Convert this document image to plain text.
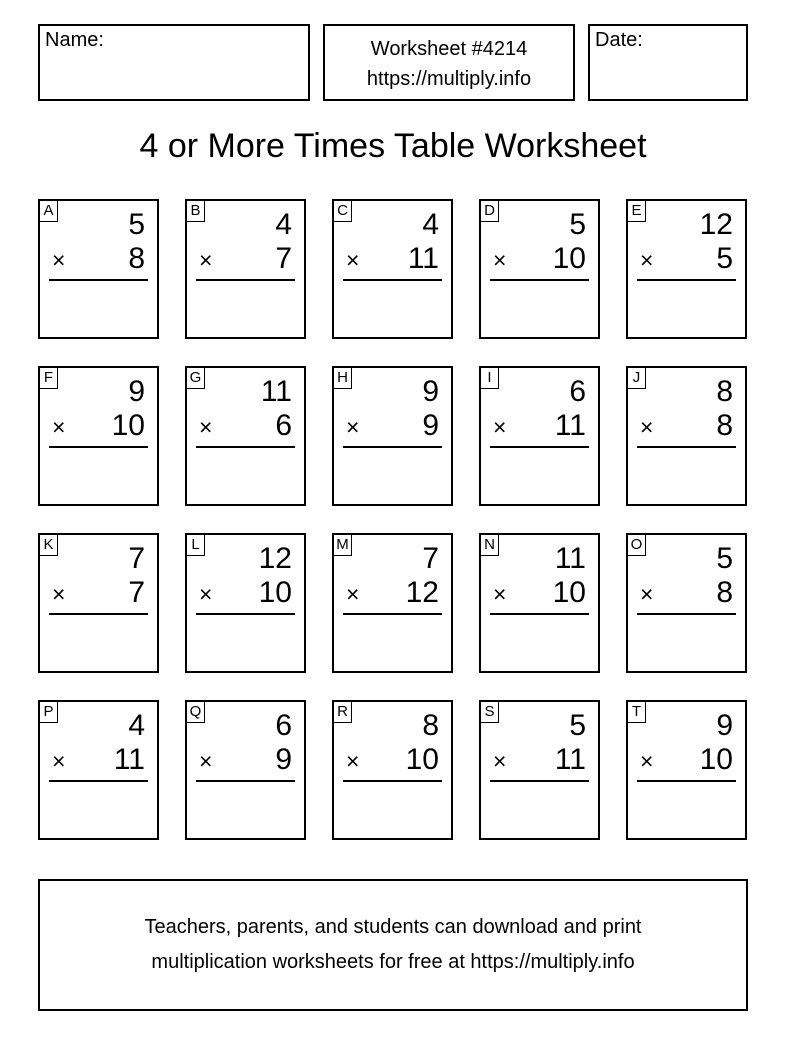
Name:	Worksheet #4214
https://multiply.info
Date:
4 or More Times Table Worksheet
A 5
× 8
B 4
× 7
C 4
× 11
D 5
× 10
E 12
× 5
F	9
× 10
G 11
× 6
H 9
× 9
I	6
× 11
J	8
× 8
K 7
× 7
L 12
× 10
M 7
× 12
N 11
× 10
O 5
× 8
P 4
× 11
Q 6
× 9
R 8
× 10
S 5
× 11
T	9
× 10
Teachers, parents, and students can download and print
multiplication worksheets for free at https://multiply.info
